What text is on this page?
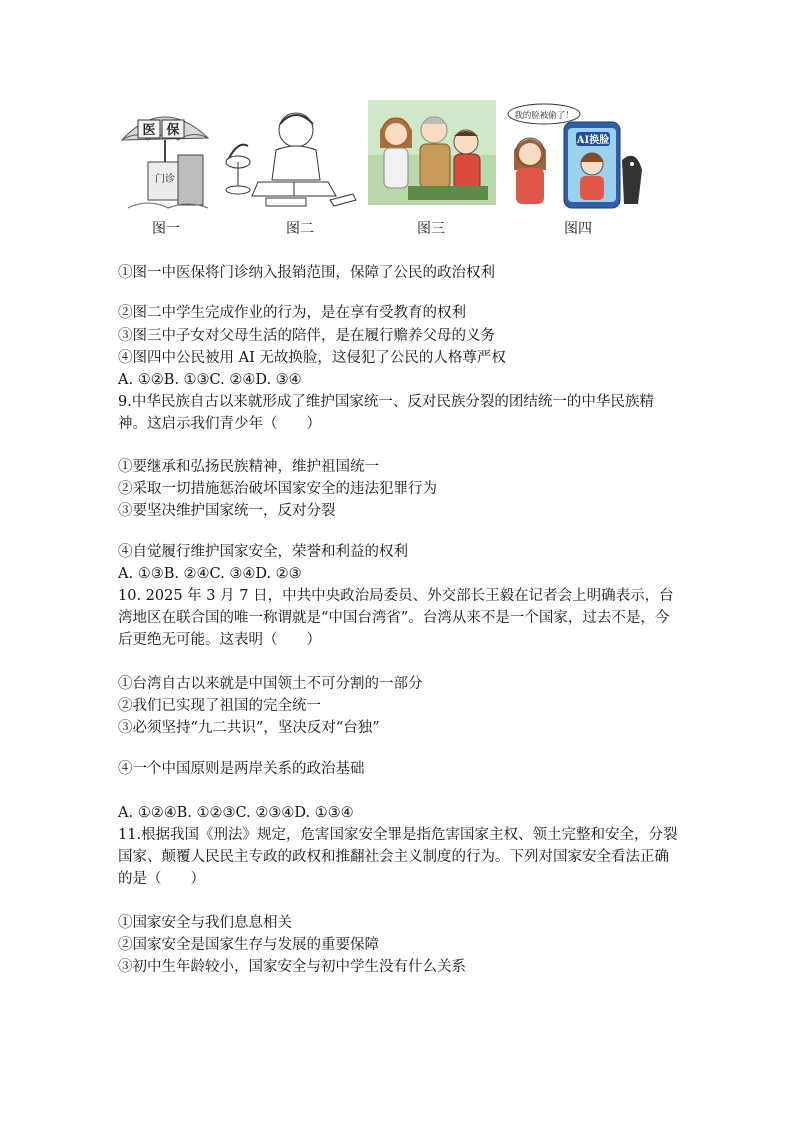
医 保
门诊
图一	图二	图三
我的脸被偷了！
AI换脸
图四
①图一中医保将门诊纳入报销范围，保障了公民的政治权利
②图二中学生完成作业的行为，是在享有受教育的权利
③图三中子女对父母生活的陪伴，是在履行赡养父母的义务
④图四中公民被用 AI 无故换脸，这侵犯了公民的人格尊严权
A. ①②B. ①③C. ②④D. ③④
9.中华民族自古以来就形成了维护国家统一、反对民族分裂的团结统一的中华民族精神。这启示我们青少年（　　）
①要继承和弘扬民族精神，维护祖国统一
②采取一切措施惩治破坏国家安全的违法犯罪行为
③要坚决维护国家统一，反对分裂
④自觉履行维护国家安全，荣誉和利益的权利
A. ①③B. ②④C. ③④D. ②③
10. 2025 年 3 月 7 日，中共中央政治局委员、外交部长王毅在记者会上明确表示，台湾地区在联合国的唯一称谓就是“中国台湾省”。台湾从来不是一个国家，过去不是，今后更绝无可能。这表明（　　）
①台湾自古以来就是中国领土不可分割的一部分
②我们已实现了祖国的完全统一
③必须坚持“九二共识”，坚决反对“台独”
④一个中国原则是两岸关系的政治基础
A. ①②④B. ①②③C. ②③④D. ①③④
11.根据我国《刑法》规定，危害国家安全罪是指危害国家主权、领土完整和安全，分裂国家、颠覆人民民主专政的政权和推翻社会主义制度的行为。下列对国家安全看法正确的是（　　）
①国家安全与我们息息相关
②国家安全是国家生存与发展的重要保障
③初中生年龄较小，国家安全与初中学生没有什么关系
